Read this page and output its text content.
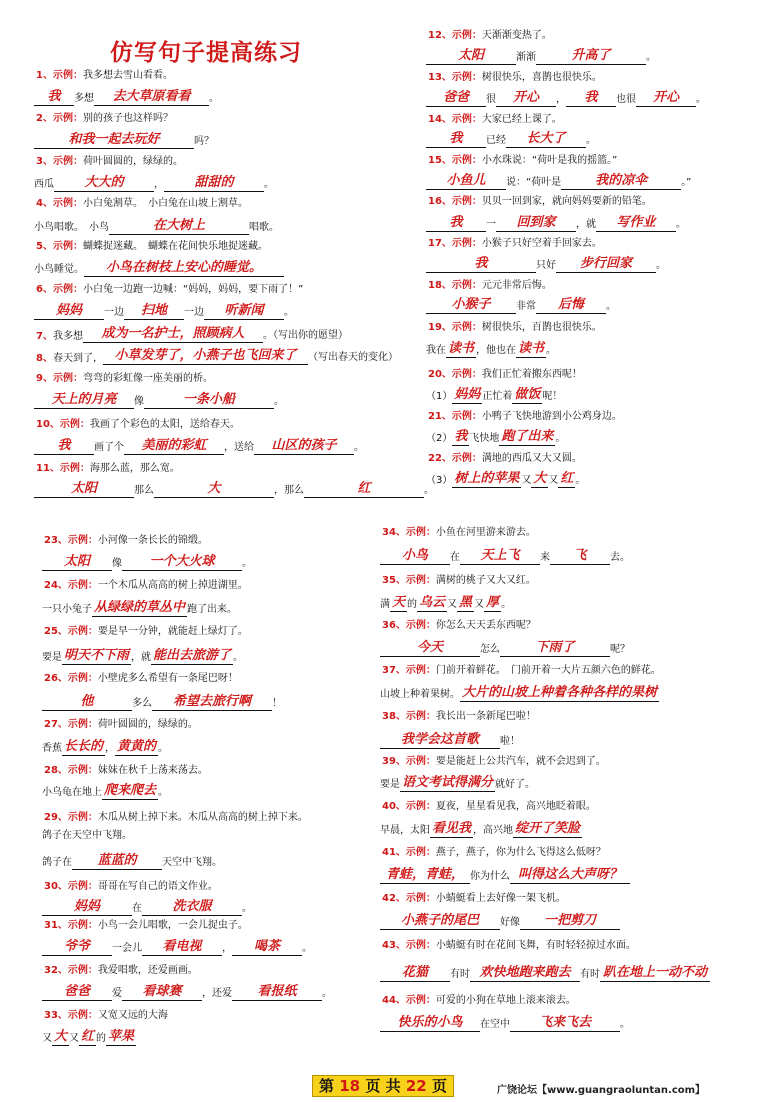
仿写句子提高练习
1、示例：我多想去雪山看看。
我 多想 去大草原看看 。
2、示例：别的孩子也这样吗？
和我一起去玩好	吗？
3、示例：荷叶圆圆的，绿绿的。
西瓜 大大的	， 甜甜的	。
4、示例：小白兔割草。　小白兔在山坡上割草。
小鸟唱歌。　小鸟	在大树上	唱歌。
5、示例：蝴蝶捉迷藏。　蝴蝶在花间快乐地捉迷藏。
小鸟睡觉。 小鸟在树枝上安心的睡觉。
6、示例：小白兔一边跑一边喊：“妈妈，妈妈，要下雨了！”
妈妈 一边 扫地 一边 听新闻 。
7、我多想 成为一名护士，照顾病人 。（写出你的愿望）
8、春天到了， 小草发芽了，小燕子也飞回来了 （写出春天的变化）
9、示例：弯弯的彩虹像一座美丽的桥。
天上的月亮 像	一条小船	。
10、示例：我画了个彩色的太阳，送给春天。
我 画了个 美丽的彩虹 ，送给 山区的孩子 。
11、示例：海那么蓝，那么宽。
太阳	那么	大	，那么	红	。
12、示例：天渐渐变热了。
太阳	渐渐	升高了	。
13、示例：树很快乐，喜鹊也很快乐。
爸爸 很 开心 ， 我 也很 开心 。
14、示例：大家已经上课了。
我 已经 长大了 。
15、示例：小水珠说：“荷叶是我的摇篮。”
小鱼儿 说：“荷叶是	我的凉伞	。”
16、示例：贝贝一回到家，就向妈妈要新的铅笔。
我 一 回到家 ，就 写作业 。
17、示例：小猴子只好空着手回家去。
我	只好 步行回家 。
18、示例：元元非常后悔。
小猴子	非常 后悔 。
19、示例：树很快乐，百鹊也很快乐。
我在 读书 ，他也在 读书 。
20、示例：我们正忙着搬东西呢！
（1） 妈妈 正忙着 做饭 呢！
21、示例：小鸭子飞快地游到小公鸡身边。
（2） 我 飞快地 跑了出来 。
22、示例：满地的西瓜又大又圆。
（3） 树上的苹果 又 大 又 红 。
23、示例：小河像一条长长的锦缎。
太阳 像 一个大火球	。
24、示例：一个木瓜从高高的树上掉进湖里。
一只小兔子 从绿绿的草丛中 跑了出来。
25、示例：要是早一分钟，就能赶上绿灯了。
要是 明天不下雨 ，就 能出去旅游了 。
26、示例：小壁虎多么希望有一条尾巴呀！
他	多么 希望去旅行啊 ！
27、示例：荷叶圆圆的，绿绿的。
香蕉 长长的 ， 黄黄的 。
28、示例：妹妹在秋千上荡来荡去。
小乌龟在地上 爬来爬去 。
29、示例：木瓜从树上掉下来。木瓜从高高的树上掉下来。
鸽子在天空中飞翔。
鸽子在 蓝蓝的	天空中飞翔。
30、示例：哥哥在写自己的语文作业。
妈妈	在 洗衣服	。
31、示例：小鸟一会儿唱歌，一会儿捉虫子。
爷爷 一会儿 看电视 ， 喝茶 。
32、示例：我爱唱歌，还爱画画。
爸爸 爱 看球赛 ，还爱 看报纸	。
33、示例：又宽又远的大海
又 大 又 红 的 苹果
34、示例：小鱼在河里游来游去。
小鸟 在 天上飞 来 飞 去。
35、示例：满树的桃子又大又红。
满 天 的 乌云 又 黑 又 厚 。
36、示例：你怎么天天丢东西呢？
今天	怎么	下雨了	呢？
37、示例：门前开着鲜花。　门前开着一大片五颜六色的鲜花。
山坡上种着果树。 大片的山坡上种着各种各样的果树
38、示例：我长出一条新尾巴啦！
我学会这首歌 啦！
39、示例：要是能赶上公共汽车，就不会迟到了。
要是 语文考试得满分 就好了。
40、示例：夏夜，星星看见我，高兴地眨着眼。
早晨，太阳 看见我 ，高兴地 绽开了笑脸
41、示例：燕子，燕子，你为什么飞得这么低呀？
青蛙，青蛙， 你为什么 叫得这么大声呀？
42、示例：小蜻蜓看上去好像一架飞机。
小燕子的尾巴 好像 一把剪刀
43、示例：小蜻蜓有时在花间飞舞，有时轻轻掠过水面。
花猫 有时 欢快地跑来跑去 有时 趴在地上一动不动
44、示例：可爱的小狗在草地上滚来滚去。
快乐的小鸟 在空中 飞来飞去	。
第 18 页 共 22 页	广饶论坛【www.guangraoluntan.com】
